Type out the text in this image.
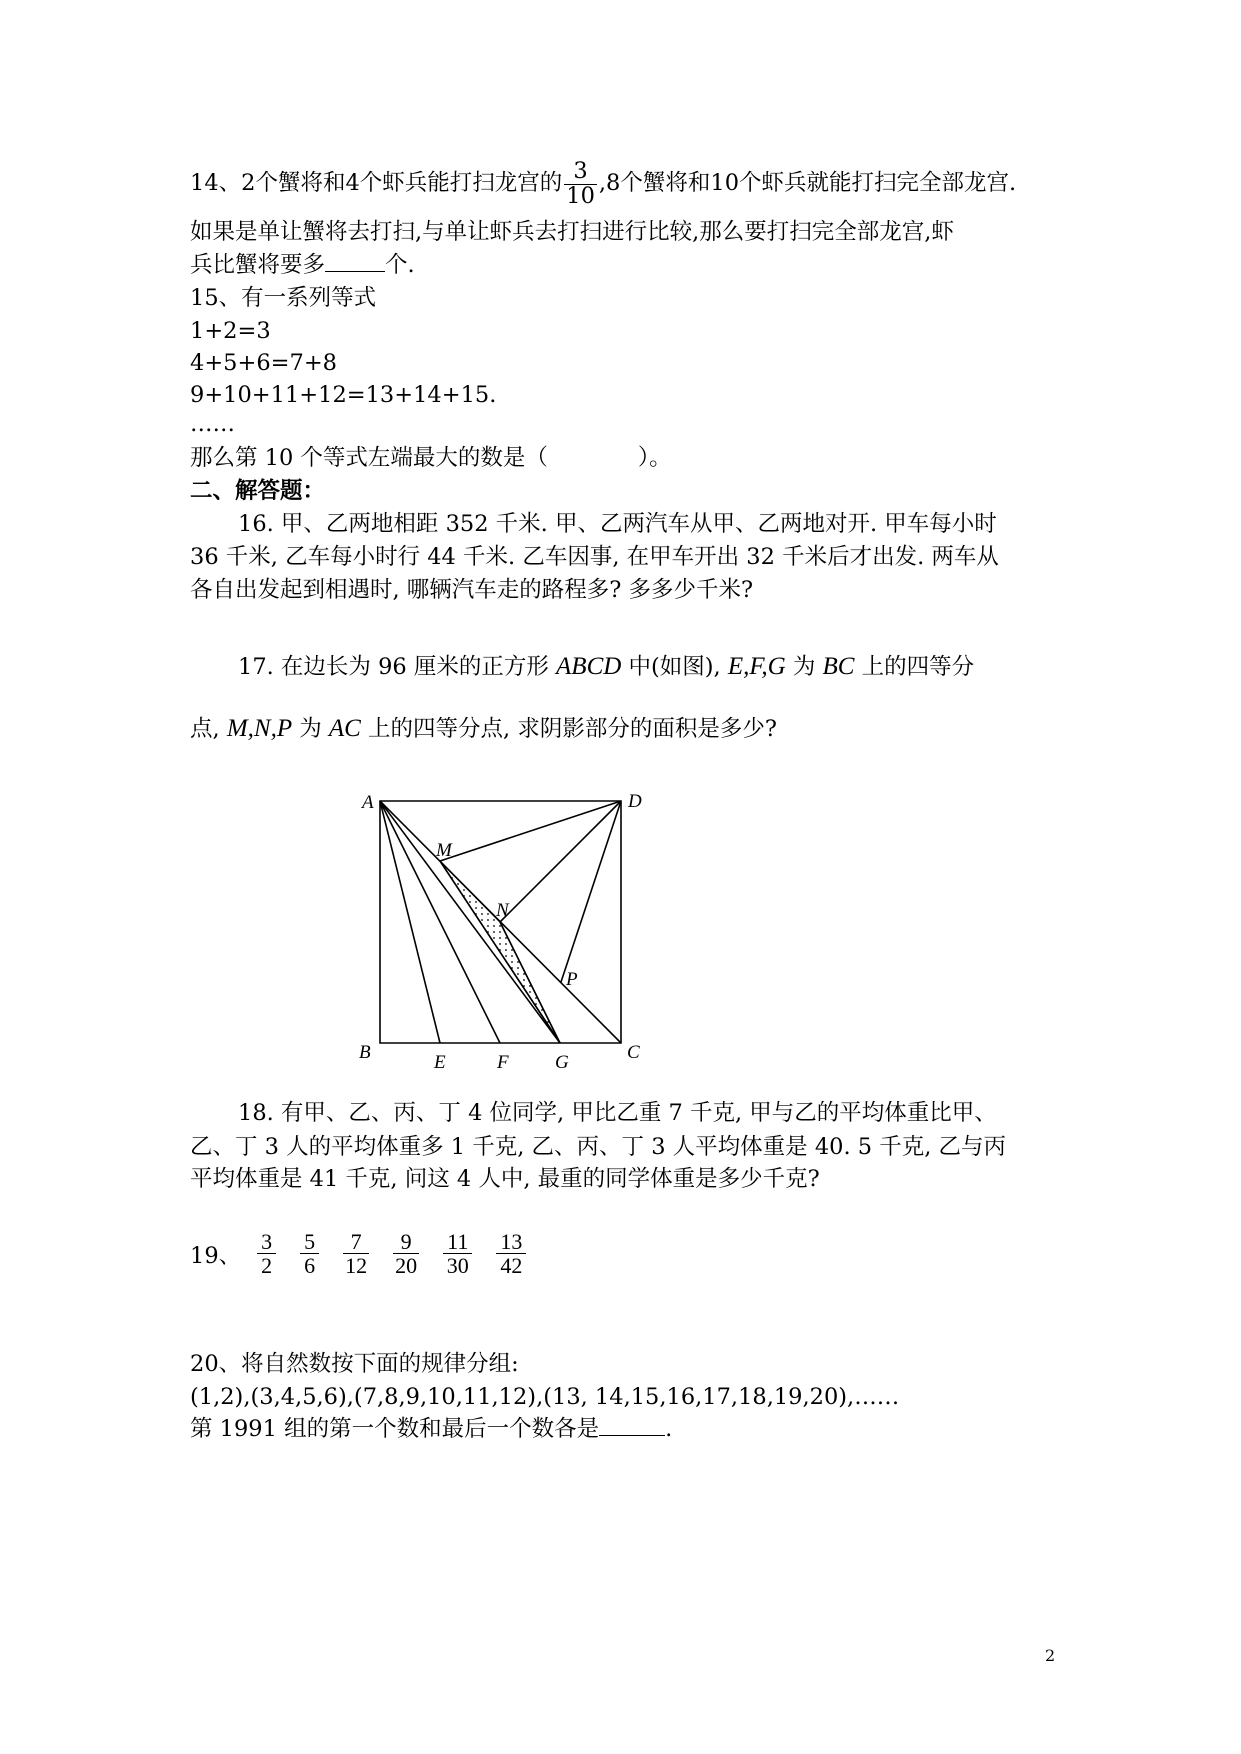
14、2个蟹将和4个虾兵能打扫龙宫的 $\frac{3}{10} ,8$个蟹将和10个虾兵就能打扫完全部龙宫.
如果是单让蟹将去打扫,与单让虾兵去打扫进行比较,那么要打扫完全部龙宫,虾
兵比蟹将要多	个.
15、有一系列等式
1+2=3
4+5+6=7+8
9+10+11+12=13+14+15.
……
那么第 10 个等式左端最大的数是（　　　　）。
二、解答题：
16. 甲、乙两地相距 352 千米. 甲、乙两汽车从甲、乙两地对开. 甲车每小时
36 千米, 乙车每小时行 44 千米. 乙车因事, 在甲车开出 32 千米后才出发. 两车从
各自出发起到相遇时, 哪辆汽车走的路程多? 多多少千米?
17. 在边长为 96 厘米的正方形 ABCD 中(如图), E,F,G 为 BC 上的四等分
点, M,N,P 为 AC 上的四等分点, 求阴影部分的面积是多少?
A	D
B	C
E	F G
M
N
P
18. 有甲、乙、丙、丁 4 位同学, 甲比乙重 7 千克, 甲与乙的平均体重比甲、
乙、丁 3 人的平均体重多 1 千克, 乙、丙、丁 3 人平均体重是 40. 5 千克, 乙与丙
平均体重是 41 千克, 问这 4 人中, 最重的同学体重是多少千克?
19、 $\frac{3}{2} \frac{5}{6} \frac{7}{12} \frac{9}{20} \frac{11}{30} \frac{13}{42}$
20、将自然数按下面的规律分组:
(1,2),(3,4,5,6),(7,8,9,10,11,12),(13, 14,15,16,17,18,19,20),……
第 1991 组的第一个数和最后一个数各是	.
2
